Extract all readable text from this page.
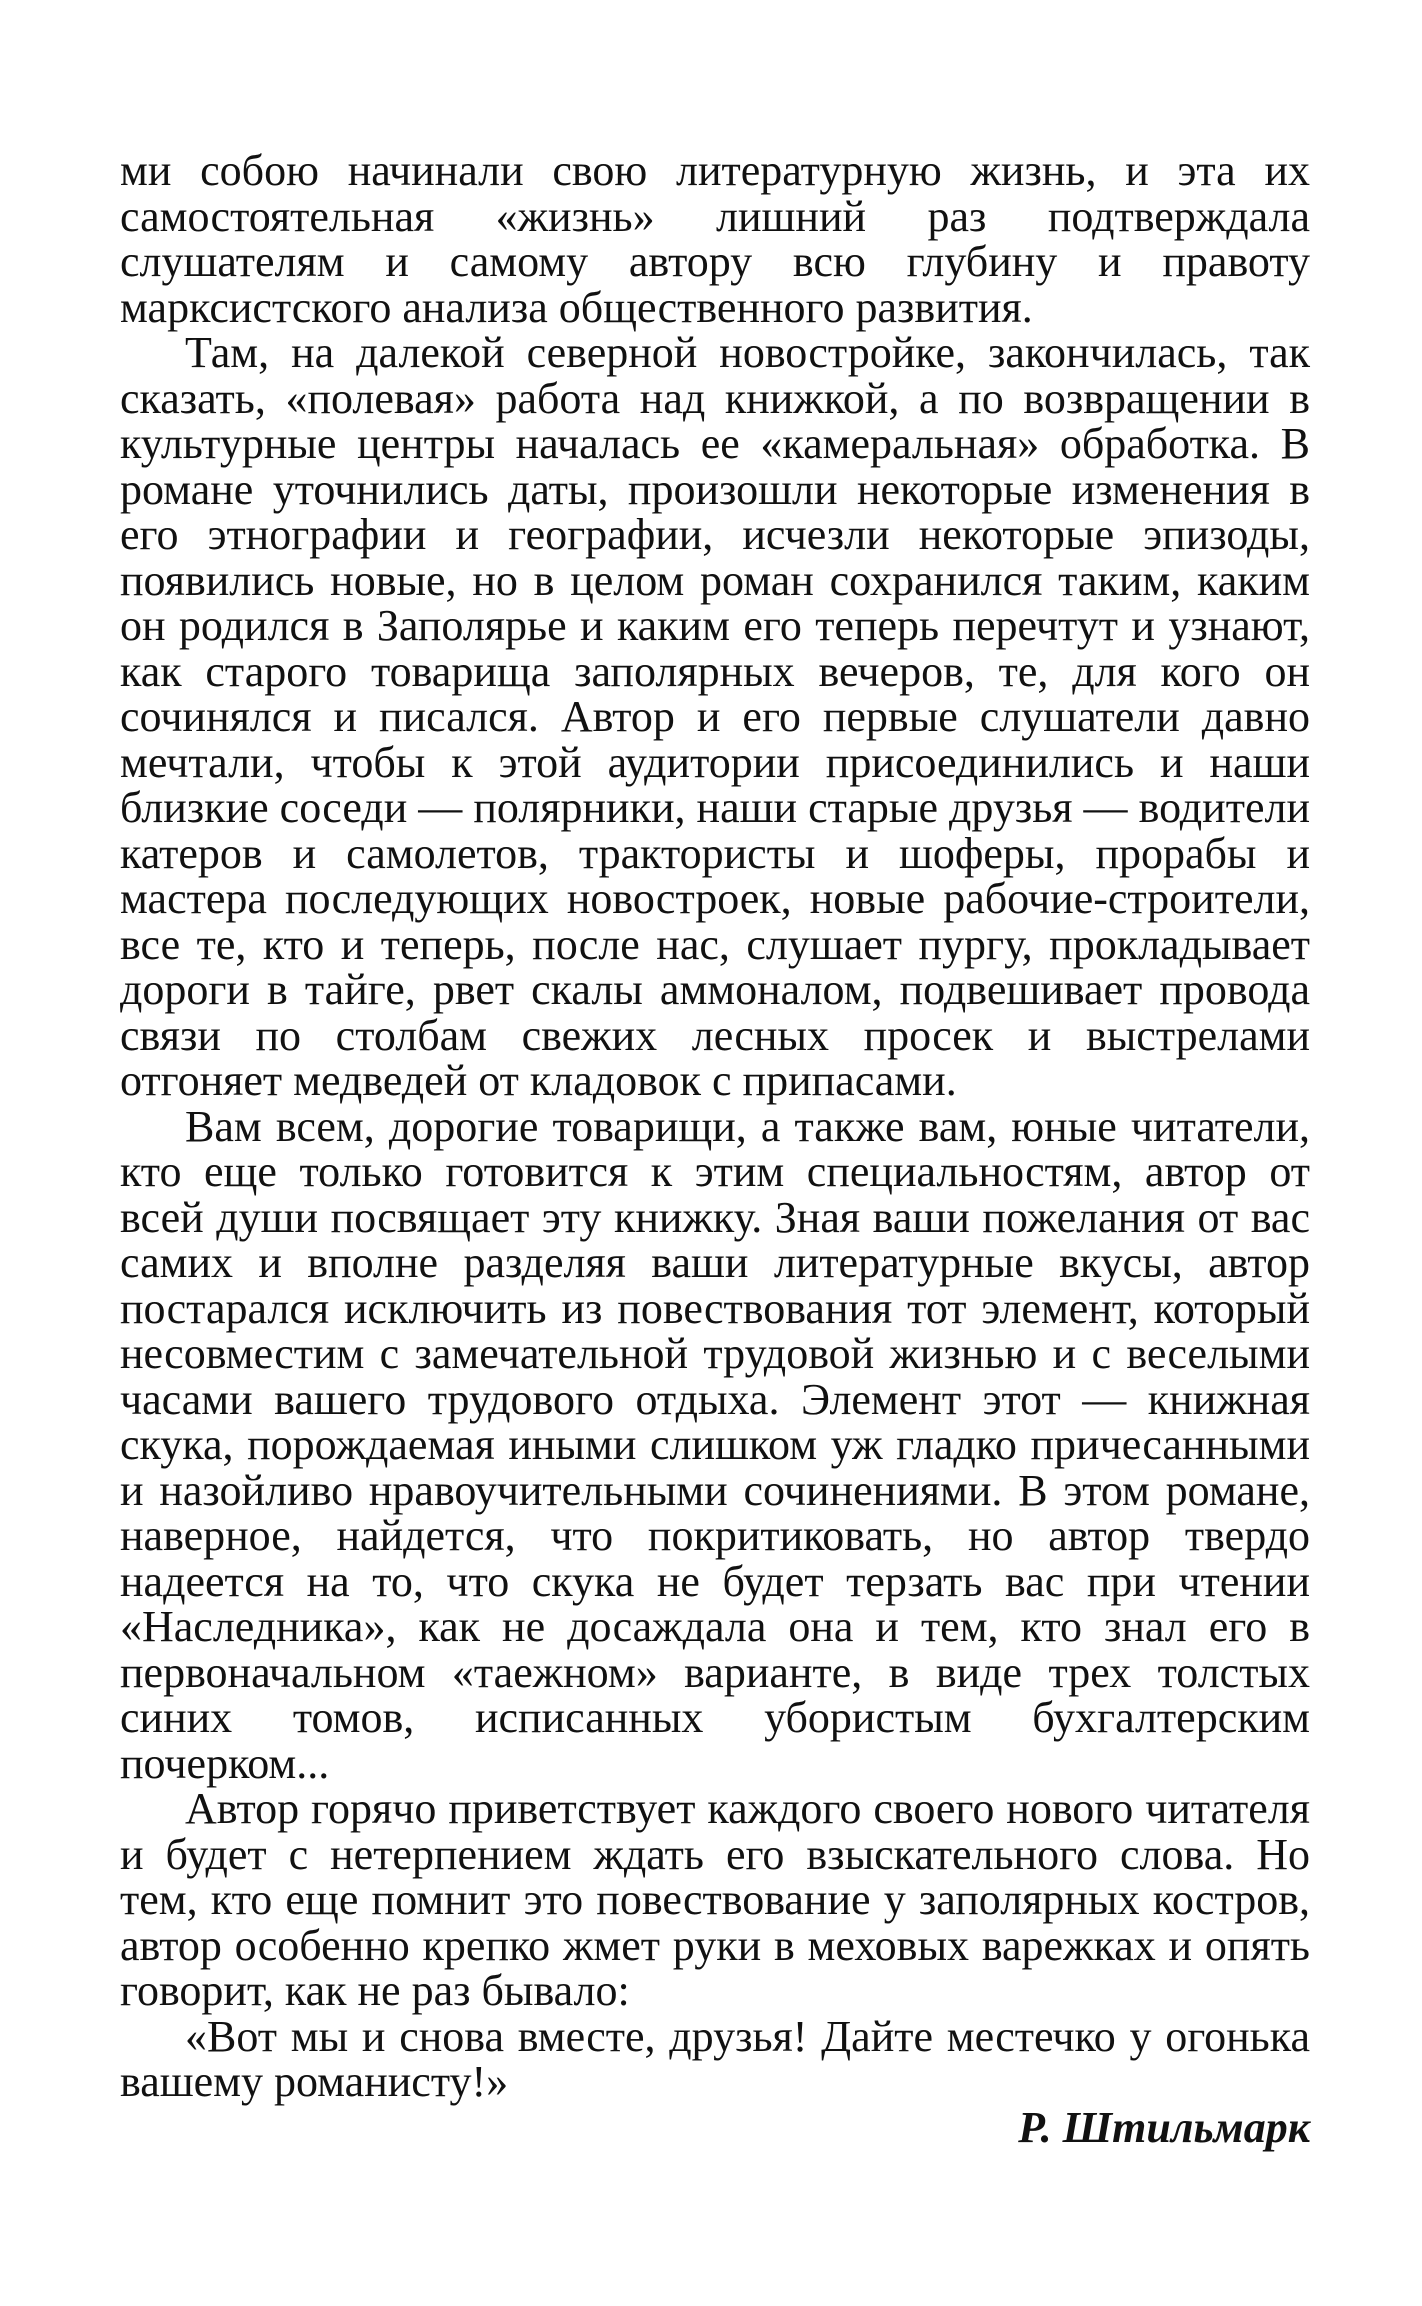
ми собою начинали свою литературную жизнь, и эта их самостоятельная «жизнь» лишний раз подтверждала слушателям и самому автору всю глубину и правоту марксистского анализа общественного развития.

Там, на далекой северной новостройке, закончилась, так сказать, «полевая» работа над книжкой, а по возвращении в культурные центры началась ее «камеральная» обработка. В романе уточнились даты, произошли некоторые изменения в его этнографии и географии, исчезли некоторые эпизоды, появились новые, но в целом роман сохранился таким, каким он родился в Заполярье и каким его теперь перечтут и узнают, как старого товарища заполярных вечеров, те, для кого он сочинялся и писался. Автор и его первые слушатели давно мечтали, чтобы к этой аудитории присоединились и наши близкие соседи — полярники, наши старые друзья — водители катеров и самолетов, трактористы и шоферы, прорабы и мастера последующих новостроек, новые рабочие-строители, все те, кто и теперь, после нас, слушает пургу, прокладывает дороги в тайге, рвет скалы аммоналом, подвешивает провода связи по столбам свежих лесных просек и выстрелами отгоняет медведей от кладовок с припасами.

Вам всем, дорогие товарищи, а также вам, юные читатели, кто еще только готовится к этим специальностям, автор от всей души посвящает эту книжку. Зная ваши пожелания от вас самих и вполне разделяя ваши литературные вкусы, автор постарался исключить из повествования тот элемент, который несовместим с замечательной трудовой жизнью и с веселыми часами вашего трудового отдыха. Элемент этот — книжная скука, порождаемая иными слишком уж гладко причесанными и назойливо нравоучительными сочинениями. В этом романе, наверное, найдется, что покритиковать, но автор твердо надеется на то, что скука не будет терзать вас при чтении «Наследника», как не досаждала она и тем, кто знал его в первоначальном «таежном» варианте, в виде трех толстых синих томов, исписанных убористым бухгалтерским почерком...

Автор горячо приветствует каждого своего нового читателя и будет с нетерпением ждать его взыскательного слова. Но тем, кто еще помнит это повествование у заполярных костров, автор особенно крепко жмет руки в меховых варежках и опять говорит, как не раз бывало:

«Вот мы и снова вместе, друзья! Дайте местечко у огонька вашему романисту!»

Р. Штильмарк
